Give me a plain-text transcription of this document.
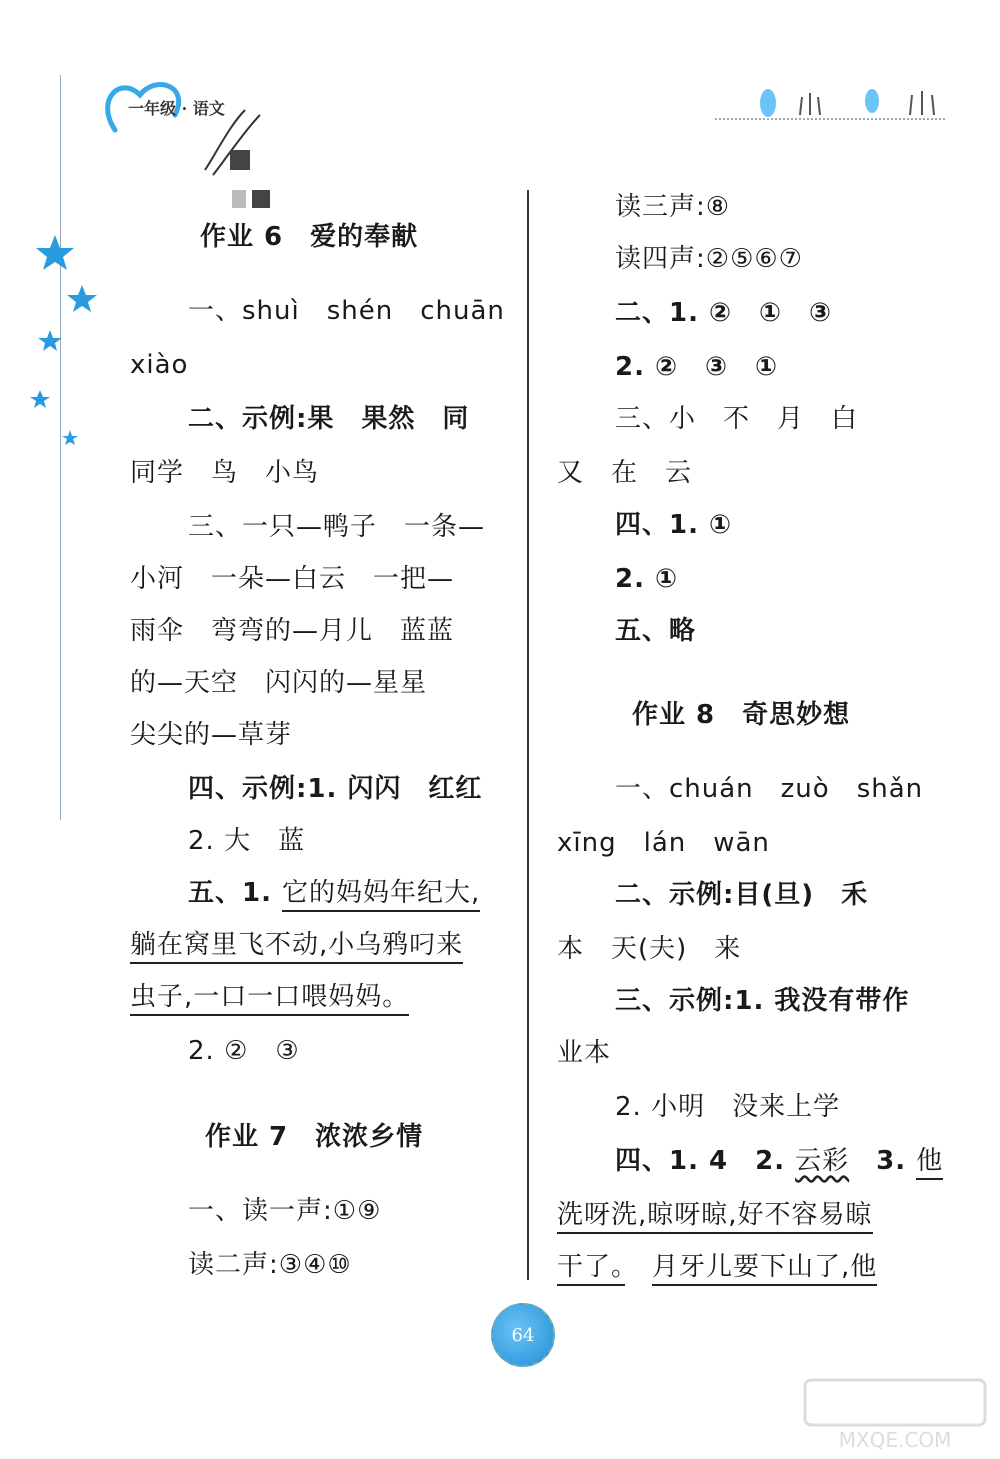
一年级 · 语文
作业 6　爱的奉献
一、shuì　shén　chuān
xiào
二、示例:果　果然　同
同学　鸟　小鸟
三、一只—鸭子　一条—
小河　一朵—白云　一把—
雨伞　弯弯的—月儿　蓝蓝
的—天空　闪闪的—星星
尖尖的—草芽
四、示例:1. 闪闪　红红
2. 大　蓝
五、1. 它的妈妈年纪大,
躺在窝里飞不动,小乌鸦叼来
虫子,一口一口喂妈妈。
2. ②　③
作业 7　浓浓乡情
一、读一声:①⑨
读二声:③④⑩
读三声:⑧
读四声:②⑤⑥⑦
二、1. ②　①　③
2. ②　③　①
三、小　不　月　白
又　在　云
四、1. ①
2. ①
五、略
作业 8　奇思妙想
一、chuán　zuò　shǎn
xīng　lán　wān
二、示例:目(旦)　禾
本　天(夫)　来
三、示例:1. 我没有带作
业本
2. 小明　没来上学
四、1. 4　2. 云彩　3. 他
洗呀洗,晾呀晾,好不容易晾
干了。　 月牙儿要下山了,他
64
MXQE.COM
